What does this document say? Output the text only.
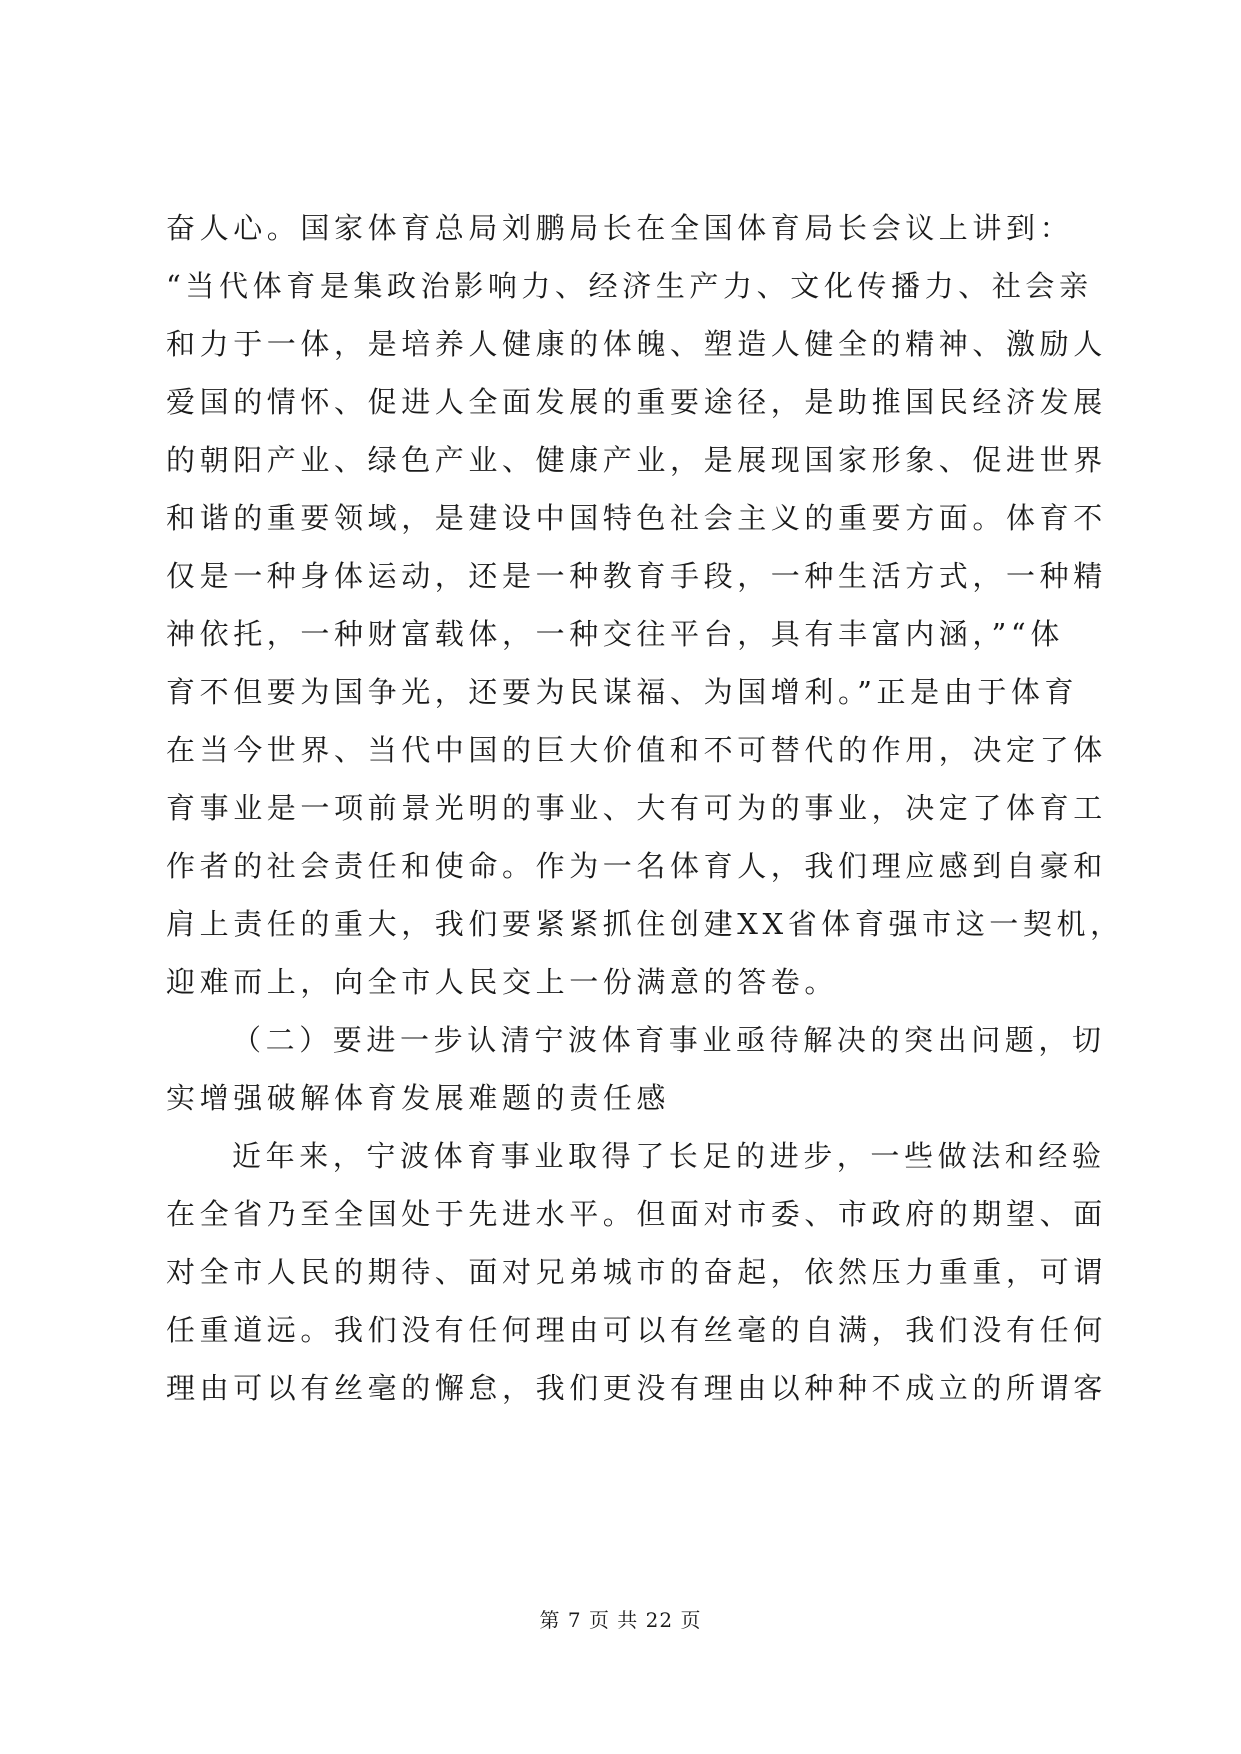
奋人心。国家体育总局刘鹏局长在全国体育局长会议上讲到：
“当代体育是集政治影响力、经济生产力、文化传播力、社会亲
和力于一体，是培养人健康的体魄、塑造人健全的精神、激励人
爱国的情怀、促进人全面发展的重要途径，是助推国民经济发展
的朝阳产业、绿色产业、健康产业，是展现国家形象、促进世界
和谐的重要领域，是建设中国特色社会主义的重要方面。体育不
仅是一种身体运动，还是一种教育手段，一种生活方式，一种精
神依托，一种财富载体，一种交往平台，具有丰富内涵，”“体
育不但要为国争光，还要为民谋福、为国增利。”正是由于体育
在当今世界、当代中国的巨大价值和不可替代的作用，决定了体
育事业是一项前景光明的事业、大有可为的事业，决定了体育工
作者的社会责任和使命。作为一名体育人，我们理应感到自豪和
肩上责任的重大，我们要紧紧抓住创建XX省体育强市这一契机，
迎难而上，向全市人民交上一份满意的答卷。
（二）要进一步认清宁波体育事业亟待解决的突出问题，切
实增强破解体育发展难题的责任感
近年来，宁波体育事业取得了长足的进步，一些做法和经验
在全省乃至全国处于先进水平。但面对市委、市政府的期望、面
对全市人民的期待、面对兄弟城市的奋起，依然压力重重，可谓
任重道远。我们没有任何理由可以有丝毫的自满，我们没有任何
理由可以有丝毫的懈怠，我们更没有理由以种种不成立的所谓客
第 7 页 共 22 页
